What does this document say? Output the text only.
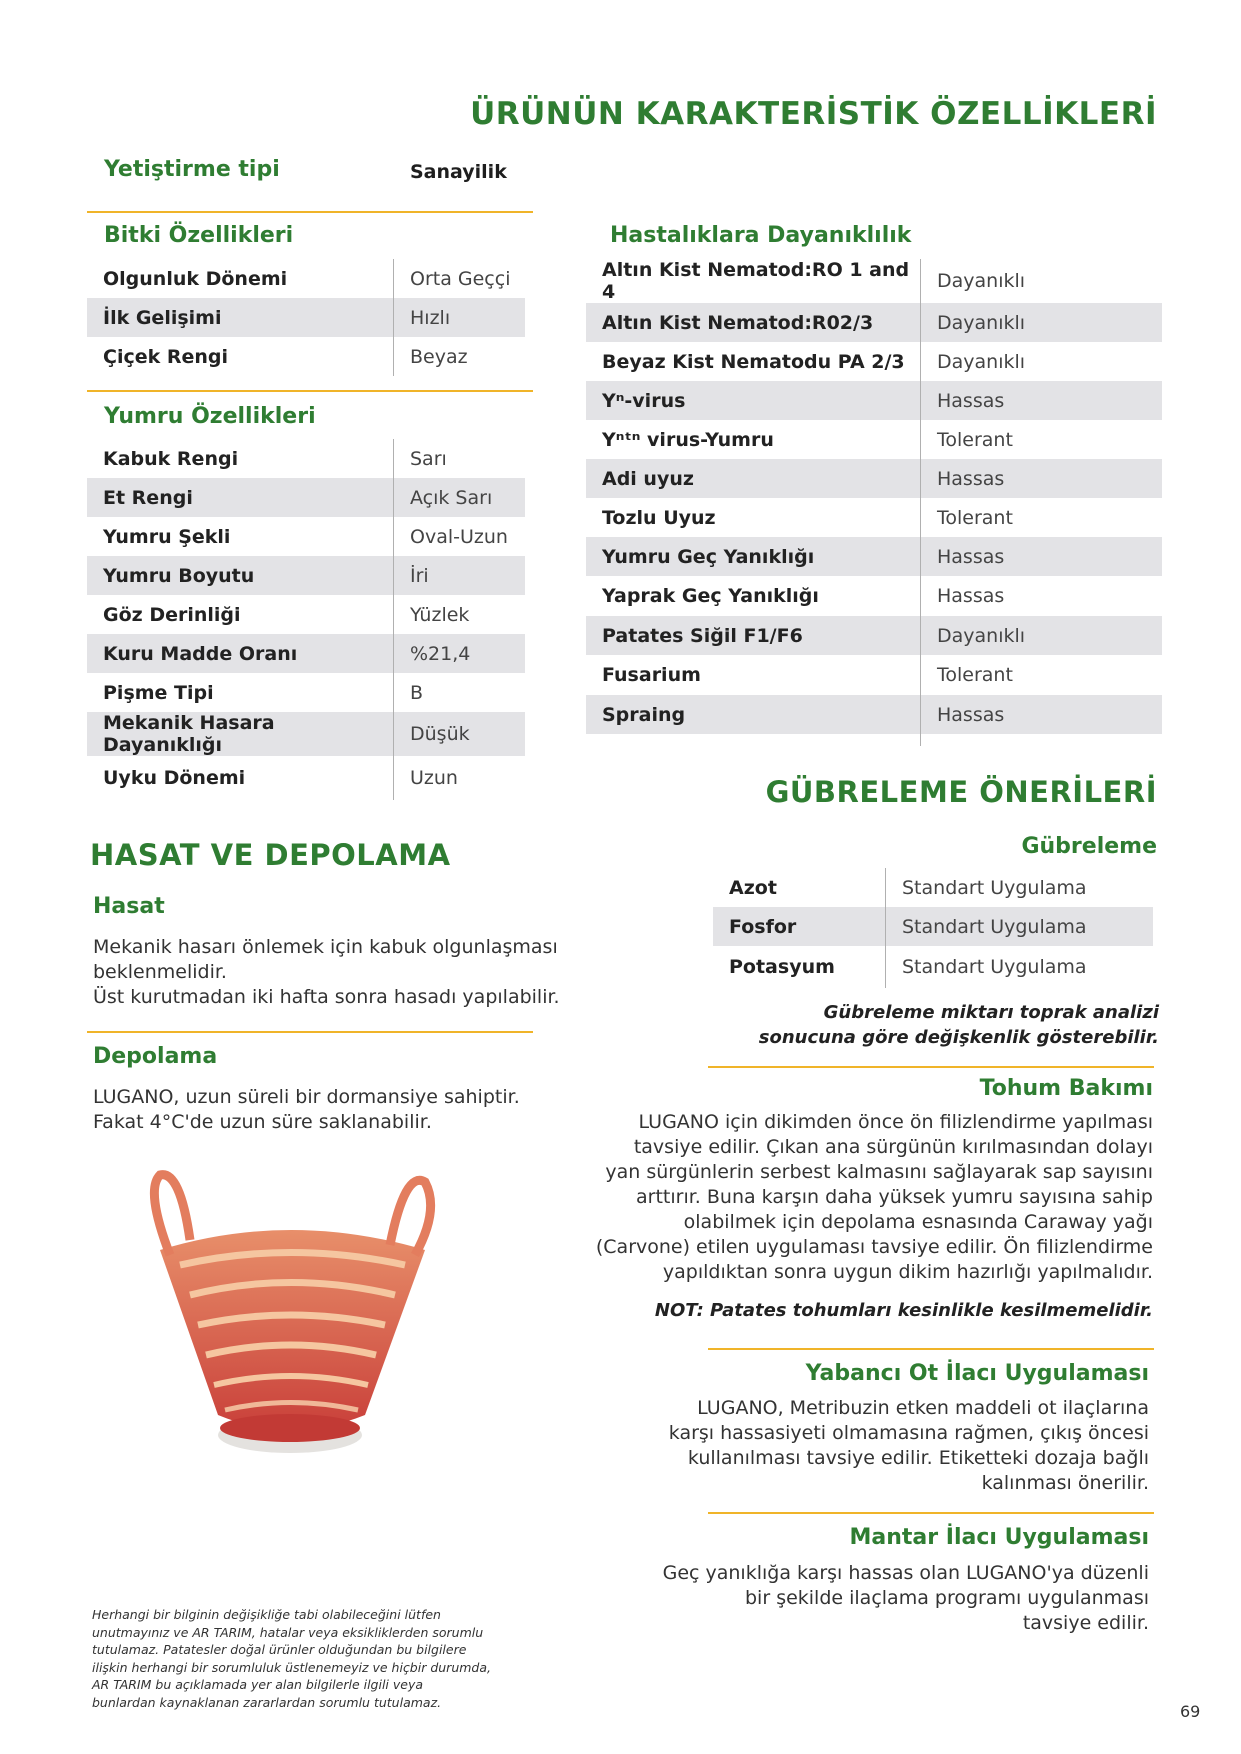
ÜRÜNÜN KARAKTERİSTİK ÖZELLİKLERİ
Yetiştirme tipi	Sanayilik
Bitki Özellikleri
Olgunluk Dönemi	Orta Geççi
İlk Gelişimi	Hızlı
Çiçek Rengi	Beyaz
Yumru Özellikleri
Kabuk Rengi	Sarı
Et Rengi	Açık Sarı
Yumru Şekli	Oval-Uzun
Yumru Boyutu	İri
Göz Derinliği	Yüzlek
Kuru Madde Oranı	%21,4
Pişme Tipi	B
Mekanik Hasara Dayanıklığı	Düşük
Uyku Dönemi	Uzun
Hastalıklara Dayanıklılık
Altın Kist Nematod:RO 1 and 4	Dayanıklı
Altın Kist Nematod:R02/3	Dayanıklı
Beyaz Kist Nematodu PA 2/3	Dayanıklı
Yⁿ-virus	Hassas
Yⁿᵗⁿ virus-Yumru	Tolerant
Adi uyuz	Hassas
Tozlu Uyuz	Tolerant
Yumru Geç Yanıklığı	Hassas
Yaprak Geç Yanıklığı	Hassas
Patates Siğil F1/F6	Dayanıklı
Fusarium	Tolerant
Spraing	Hassas

HASAT VE DEPOLAMA
Hasat
Mekanik hasarı önlemek için kabuk olgunlaşması
beklenmelidir.
Üst kurutmadan iki hafta sonra hasadı yapılabilir.
Depolama
LUGANO, uzun süreli bir dormansiye sahiptir.
Fakat 4°C'de uzun süre saklanabilir.
GÜBRELEME ÖNERİLERİ
Gübreleme
Azot	Standart Uygulama
Fosfor	Standart Uygulama
Potasyum	Standart Uygulama
Gübreleme miktarı toprak analizi
sonucuna göre değişkenlik gösterebilir.
Tohum Bakımı
LUGANO için dikimden önce ön filizlendirme yapılması
tavsiye edilir. Çıkan ana sürgünün kırılmasından dolayı
yan sürgünlerin serbest kalmasını sağlayarak sap sayısını
arttırır. Buna karşın daha yüksek yumru sayısına sahip
olabilmek için depolama esnasında Caraway yağı
(Carvone) etilen uygulaması tavsiye edilir. Ön filizlendirme
yapıldıktan sonra uygun dikim hazırlığı yapılmalıdır.
NOT: Patates tohumları kesinlikle kesilmemelidir.
Yabancı Ot İlacı Uygulaması
LUGANO, Metribuzin etken maddeli ot ilaçlarına
karşı hassasiyeti olmamasına rağmen, çıkış öncesi
kullanılması tavsiye edilir. Etiketteki dozaja bağlı
kalınması önerilir.
Mantar İlacı Uygulaması
Geç yanıklığa karşı hassas olan LUGANO'ya düzenli
bir şekilde ilaçlama programı uygulanması
tavsiye edilir.
Herhangi bir bilginin değişikliğe tabi olabileceğini lütfen
unutmayınız ve AR TARIM, hatalar veya eksikliklerden sorumlu
tutulamaz. Patatesler doğal ürünler olduğundan bu bilgilere
ilişkin herhangi bir sorumluluk üstlenemeyiz ve hiçbir durumda,
AR TARIM bu açıklamada yer alan bilgilerle ilgili veya
bunlardan kaynaklanan zararlardan sorumlu tutulamaz.	69
